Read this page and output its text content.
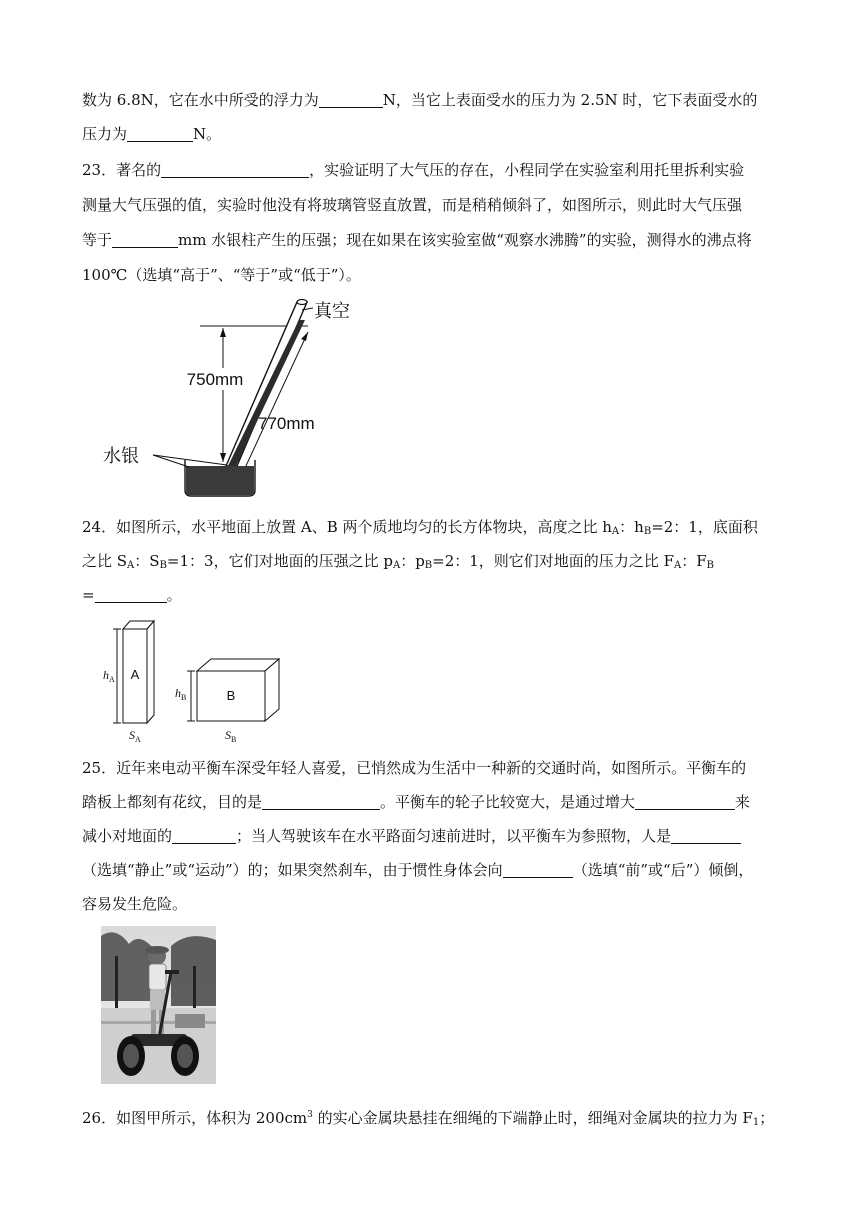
数为 6.8N，它在水中所受的浮力为	N，当它上表面受水的压力为 2.5N 时，它下表面受水的
压力为	N。
23．著名的	，实验证明了大气压的存在，小程同学在实验室利用托里拆利实验
测量大气压强的值，实验时他没有将玻璃管竖直放置，而是稍稍倾斜了，如图所示，则此时大气压强
等于	mm 水银柱产生的压强；现在如果在该实验室做“观察水沸腾”的实验，测得水的沸点将
100℃（选填“高于”、“等于”或“低于”）。
750mm
真空
770mm
水银
24．如图所示，水平地面上放置 A、B 两个质地均匀的长方体物块，高度之比 $h_A$：$h_B=2$：1，底面积
之比 $S_A$：$S_B=1$：3，它们对地面的压强之比 $p_A$：$p_B=2$：1，则它们对地面的压力之比 $F_A$：$F_B$
=	。
A
$h_A$
$S_A$
B
$h_B$
$S_B$
25．近年来电动平衡车深受年轻人喜爱，已悄然成为生活中一种新的交通时尚，如图所示。平衡车的
踏板上都刻有花纹，目的是	。平衡车的轮子比较宽大，是通过增大	来
减小对地面的	；当人驾驶该车在水平路面匀速前进时，以平衡车为参照物，人是
（选填“静止”或“运动”）的；如果突然刹车，由于惯性身体会向	（选填“前”或“后”）倾倒，
容易发生危险。
26．如图甲所示，体积为 $200cm^3$ 的实心金属块悬挂在细绳的下端静止时，细绳对金属块的拉力为 $F_1$；
